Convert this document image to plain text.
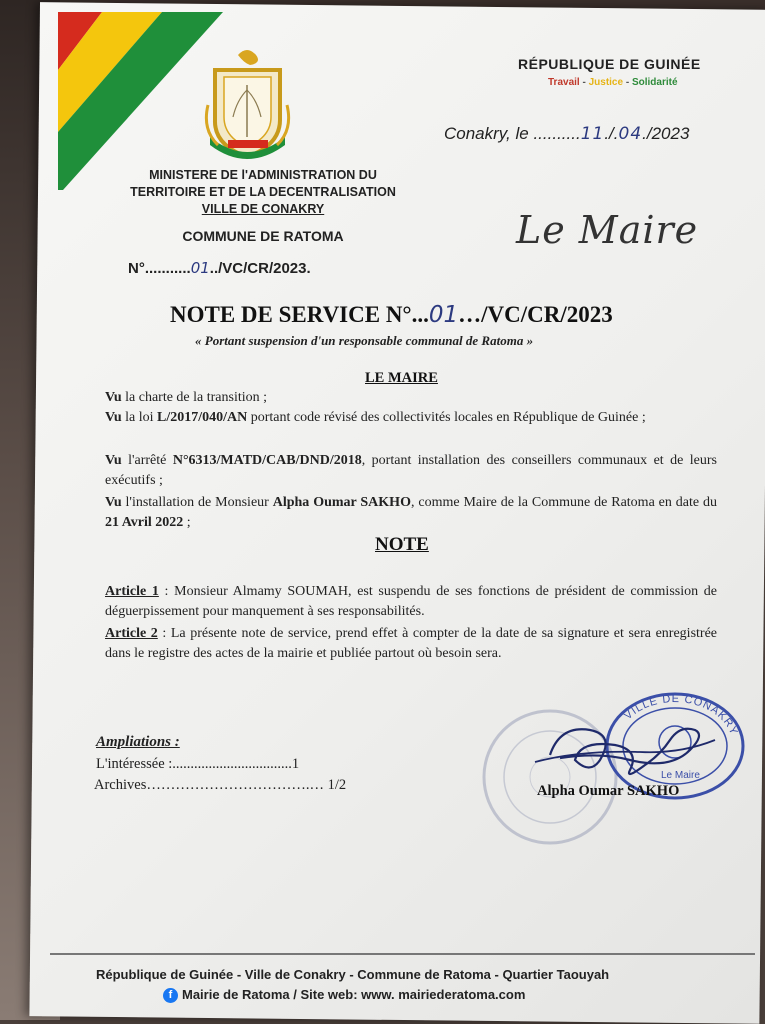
RÉPUBLIQUE DE GUINÉE
Travail - Justice - Solidarité
Conakry, le ..........11./.04./2023
MINISTERE DE l'ADMINISTRATION DU
TERRITOIRE ET DE LA DECENTRALISATION
VILLE DE CONAKRY
COMMUNE DE RATOMA
N°...........01../VC/CR/2023.
Le Maire
NOTE DE SERVICE N°...01…/VC/CR/2023
« Portant suspension d'un responsable communal de Ratoma »
LE MAIRE
Vu la charte de la transition ;
Vu la loi L/2017/040/AN portant code révisé des collectivités locales en République de Guinée ;
Vu l'arrêté N°6313/MATD/CAB/DND/2018, portant installation des conseillers communaux et de leurs exécutifs ;
Vu l'installation de Monsieur Alpha Oumar SAKHO, comme Maire de la Commune de Ratoma en date du 21 Avril 2022 ;
NOTE
Article 1 : Monsieur Almamy SOUMAH, est suspendu de ses fonctions de président de commission de déguerpissement pour manquement à ses responsabilités.
Article 2 : La présente note de service, prend effet à compter de la date de sa signature et sera enregistrée dans le registre des actes de la mairie et publiée partout où besoin sera.
Ampliations :
L'intéressée :.................................1
Archives…………………………….… 1/2
VILLE DE CONAKRY
Le Maire
Alpha Oumar SAKHO
République de Guinée - Ville de Conakry - Commune de Ratoma - Quartier Taouyah
f Mairie de Ratoma / Site web: www. mairiederatoma.com
